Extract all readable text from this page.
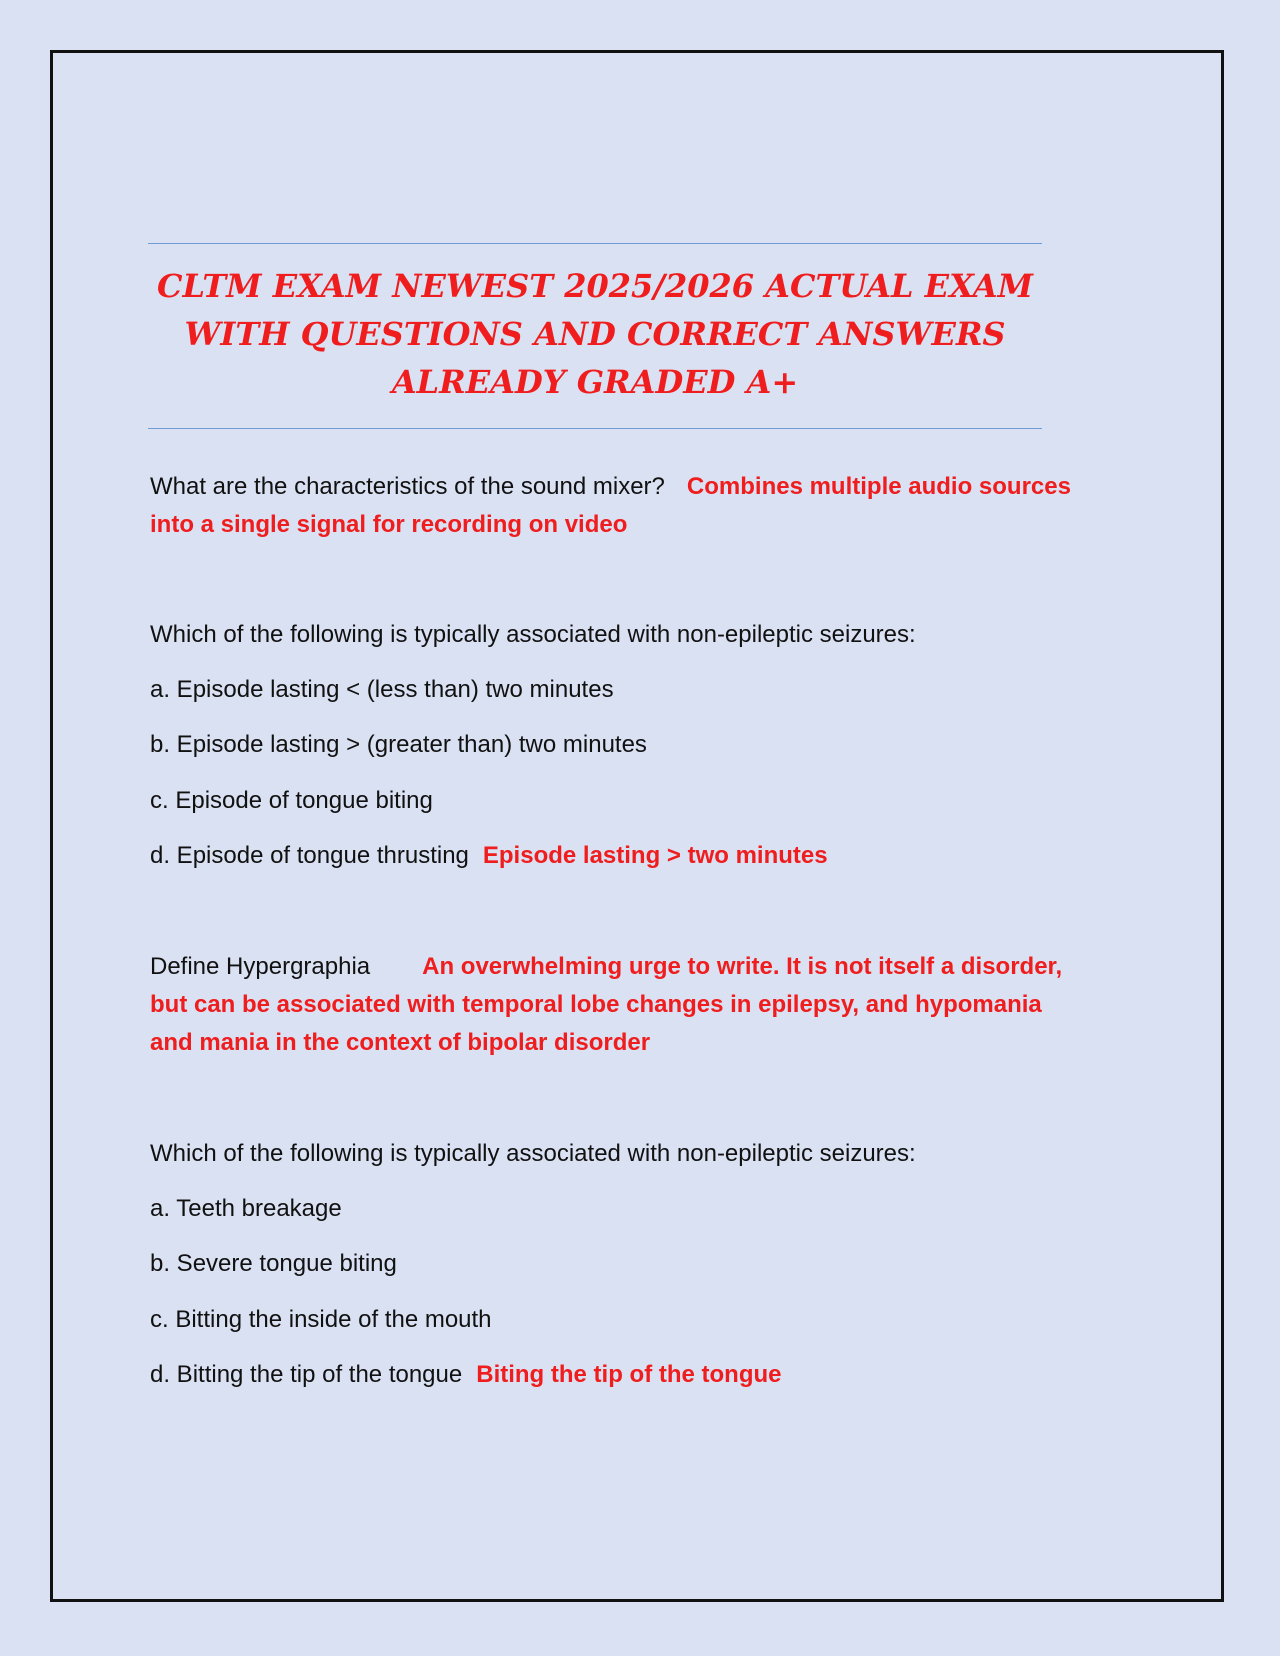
CLTM EXAM NEWEST 2025/2026 ACTUAL EXAM
WITH QUESTIONS AND CORRECT ANSWERS
ALREADY GRADED A+
What are the characteristics of the sound mixer? Combines multiple audio sources into a single signal for recording on video
Which of the following is typically associated with non-epileptic seizures:
a. Episode lasting < (less than) two minutes
b. Episode lasting > (greater than) two minutes
c. Episode of tongue biting
d. Episode of tongue thrusting Episode lasting > two minutes
Define Hypergraphia An overwhelming urge to write. It is not itself a disorder, but can be associated with temporal lobe changes in epilepsy, and hypomania and mania in the context of bipolar disorder
Which of the following is typically associated with non-epileptic seizures:
a. Teeth breakage
b. Severe tongue biting
c. Bitting the inside of the mouth
d. Bitting the tip of the tongue Biting the tip of the tongue
